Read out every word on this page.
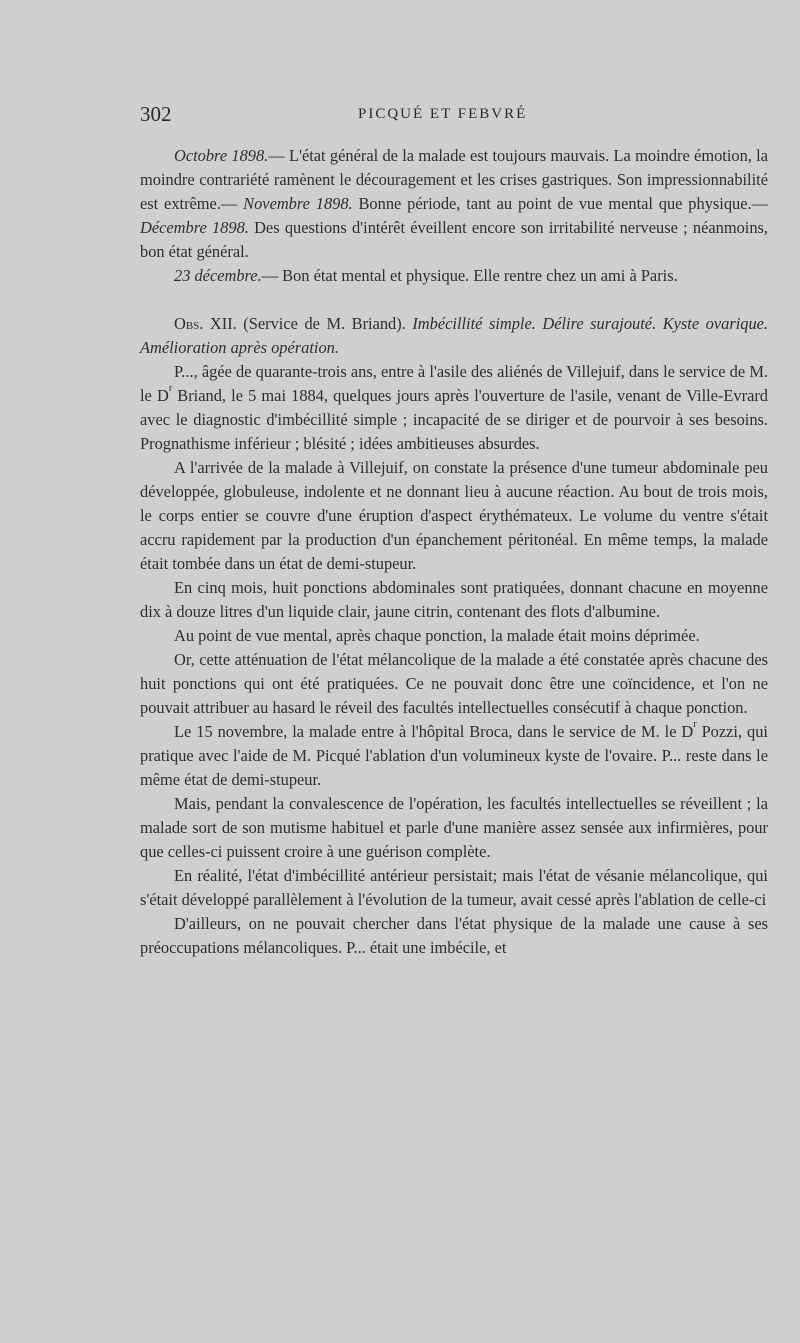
302	PICQUÉ ET FEBVRÉ

Octobre 1898.— L'état général de la malade est toujours mauvais. La moindre émotion, la moindre contrariété ramènent le découragement et les crises gastriques. Son impressionnabilité est extrême.— Novembre 1898. Bonne période, tant au point de vue mental que physique.— Décembre 1898. Des questions d'intérêt éveillent encore son irritabilité nerveuse ; néanmoins, bon état général.

23 décembre.— Bon état mental et physique. Elle rentre chez un ami à Paris.

Obs. XII. (Service de M. Briand). Imbécillité simple. Délire surajouté. Kyste ovarique. Amélioration après opération.

P..., âgée de quarante-trois ans, entre à l'asile des aliénés de Villejuif, dans le service de M. le $D^r$ Briand, le 5 mai 1884, quelques jours après l'ouverture de l'asile, venant de Ville-Evrard avec le diagnostic d'imbécillité simple ; incapacité de se diriger et de pourvoir à ses besoins. Prognathisme inférieur ; blésité ; idées ambitieuses absurdes.

A l'arrivée de la malade à Villejuif, on constate la présence d'une tumeur abdominale peu développée, globuleuse, indolente et ne donnant lieu à aucune réaction. Au bout de trois mois, le corps entier se couvre d'une éruption d'aspect érythémateux. Le volume du ventre s'était accru rapidement par la production d'un épanchement péritonéal. En même temps, la malade était tombée dans un état de demi-stupeur.

En cinq mois, huit ponctions abdominales sont pratiquées, donnant chacune en moyenne dix à douze litres d'un liquide clair, jaune citrin, contenant des flots d'albumine.

Au point de vue mental, après chaque ponction, la malade était moins déprimée.

Or, cette atténuation de l'état mélancolique de la malade a été constatée après chacune des huit ponctions qui ont été pratiquées. Ce ne pouvait donc être une coïncidence, et l'on ne pouvait attribuer au hasard le réveil des facultés intellectuelles consécutif à chaque ponction.

Le 15 novembre, la malade entre à l'hôpital Broca, dans le service de M. le $D^r$ Pozzi, qui pratique avec l'aide de M. Picqué l'ablation d'un volumineux kyste de l'ovaire. P... reste dans le même état de demi-stupeur.

Mais, pendant la convalescence de l'opération, les facultés intellectuelles se réveillent ; la malade sort de son mutisme habituel et parle d'une manière assez sensée aux infirmières, pour que celles-ci puissent croire à une guérison complète.

En réalité, l'état d'imbécillité antérieur persistait; mais l'état de vésanie mélancolique, qui s'était développé parallèlement à l'évolution de la tumeur, avait cessé après l'ablation de celle-ci

D'ailleurs, on ne pouvait chercher dans l'état physique de la malade une cause à ses préoccupations mélancoliques. P... était une imbécile, et
